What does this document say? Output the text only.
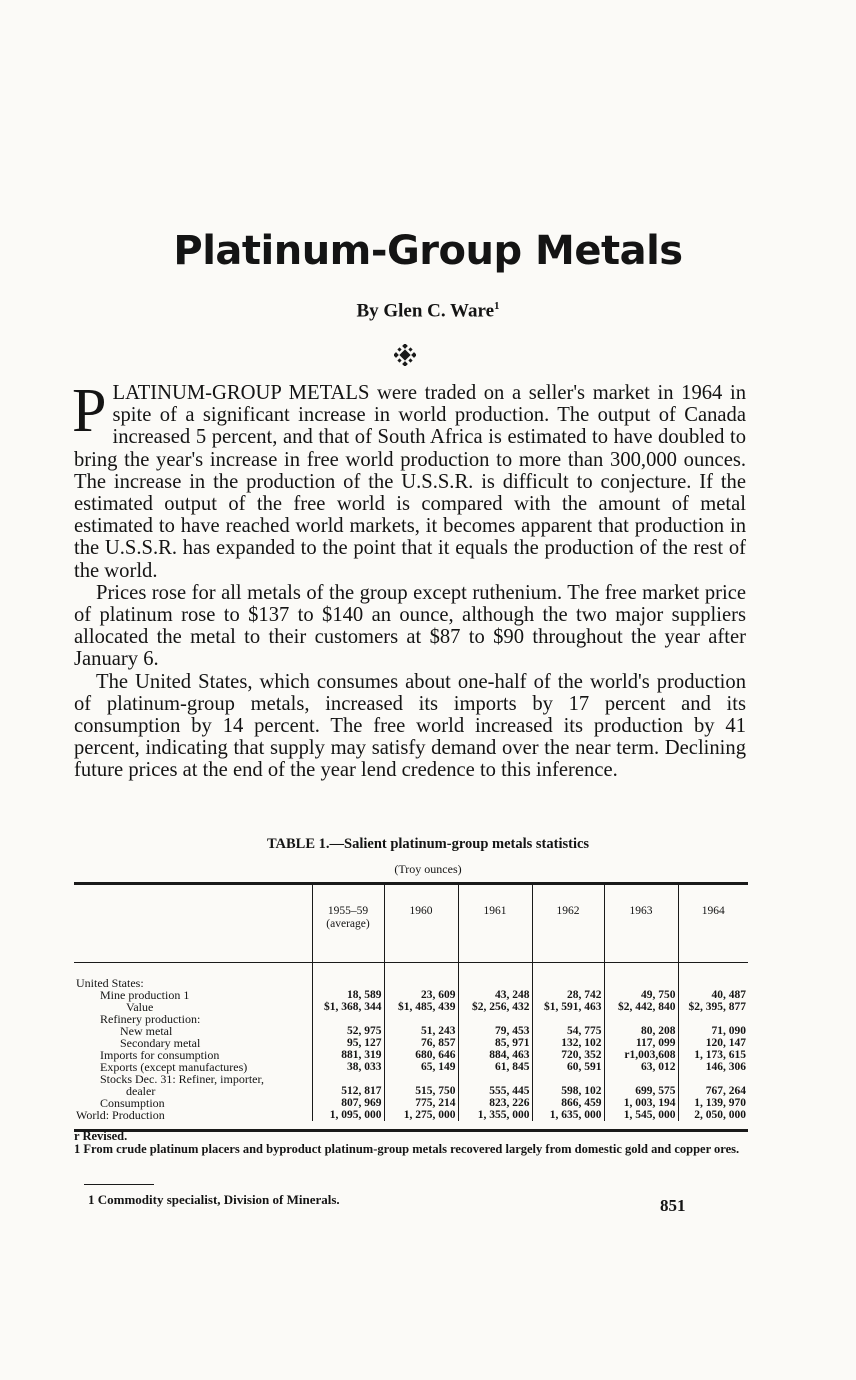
Platinum-Group Metals
By Glen C. Ware$^1$

PLATINUM-GROUP METALS were traded on a seller's market in 1964 in spite of a significant increase in world production. The output of Canada increased 5 percent, and that of South Africa is estimated to have doubled to bring the year's increase in free world production to more than 300,000 ounces. The increase in the production of the U.S.S.R. is difficult to conjecture. If the estimated output of the free world is compared with the amount of metal estimated to have reached world markets, it becomes apparent that production in the U.S.S.R. has expanded to the point that it equals the production of the rest of the world.

Prices rose for all metals of the group except ruthenium. The free market price of platinum rose to $137 to $140 an ounce, although the two major suppliers allocated the metal to their customers at $87 to $90 throughout the year after January 6.

The United States, which consumes about one-half of the world's production of platinum-group metals, increased its imports by 17 percent and its consumption by 14 percent. The free world increased its production by 41 percent, indicating that supply may satisfy demand over the near term. Declining future prices at the end of the year lend credence to this inference.

TABLE 1.—Salient platinum-group metals statistics
(Troy ounces)
	1955–59
(average)	1960	1961	1962	1963	1964
United States:						
Mine production 1	18, 589	23, 609	43, 248	28, 742	49, 750	40, 487
Value	$1, 368, 344	$1, 485, 439	$2, 256, 432	$1, 591, 463	$2, 442, 840	$2, 395, 877
Refinery production:						
New metal	52, 975	51, 243	79, 453	54, 775	80, 208	71, 090
Secondary metal	95, 127	76, 857	85, 971	132, 102	117, 099	120, 147
Imports for consumption	881, 319	680, 646	884, 463	720, 352	r1,003,608	1, 173, 615
Exports (except manufactures)	38, 033	65, 149	61, 845	60, 591	63, 012	146, 306
Stocks Dec. 31: Refiner, importer,						
dealer	512, 817	515, 750	555, 445	598, 102	699, 575	767, 264
Consumption	807, 969	775, 214	823, 226	866, 459	1, 003, 194	1, 139, 970
World: Production	1, 095, 000	1, 275, 000	1, 355, 000	1, 635, 000	1, 545, 000	2, 050, 000

r Revised.

1 From crude platinum placers and byproduct platinum-group metals recovered largely from domestic gold and copper ores.

1 Commodity specialist, Division of Minerals.	851
